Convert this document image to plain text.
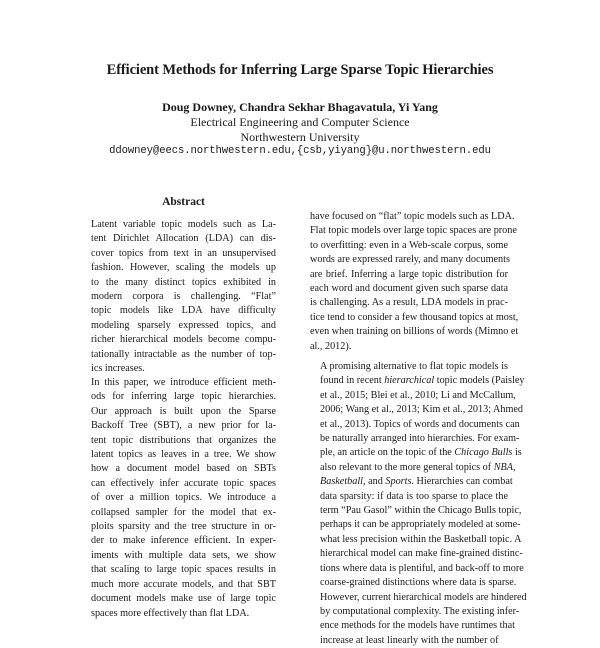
Efficient Methods for Inferring Large Sparse Topic Hierarchies
Doug Downey, Chandra Sekhar Bhagavatula, Yi Yang
Electrical Engineering and Computer Science
Northwestern University
ddowney@eecs.northwestern.edu,{csb,yiyang}@u.northwestern.edu
Abstract
Latent variable topic models such as La-
tent Dirichlet Allocation (LDA) can dis-
cover topics from text in an unsupervised
fashion. However, scaling the models up
to the many distinct topics exhibited in
modern corpora is challenging. “Flat”
topic models like LDA have difficulty
modeling sparsely expressed topics, and
richer hierarchical models become compu-
tationally intractable as the number of top-
ics increases.
In this paper, we introduce efficient meth-
ods for inferring large topic hierarchies.
Our approach is built upon the Sparse
Backoff Tree (SBT), a new prior for la-
tent topic distributions that organizes the
latent topics as leaves in a tree. We show
how a document model based on SBTs
can effectively infer accurate topic spaces
of over a million topics. We introduce a
collapsed sampler for the model that ex-
ploits sparsity and the tree structure in or-
der to make inference efficient. In exper-
iments with multiple data sets, we show
that scaling to large topic spaces results in
much more accurate models, and that SBT
document models make use of large topic
spaces more effectively than flat LDA.
have focused on “flat” topic models such as LDA.
Flat topic models over large topic spaces are prone
to overfitting: even in a Web-scale corpus, some
words are expressed rarely, and many documents
are brief. Inferring a large topic distribution for
each word and document given such sparse data
is challenging. As a result, LDA models in prac-
tice tend to consider a few thousand topics at most,
even when training on billions of words (Mimno et
al., 2012).
A promising alternative to flat topic models is
found in recent hierarchical topic models (Paisley
et al., 2015; Blei et al., 2010; Li and McCallum,
2006; Wang et al., 2013; Kim et al., 2013; Ahmed
et al., 2013). Topics of words and documents can
be naturally arranged into hierarchies. For exam-
ple, an article on the topic of the Chicago Bulls is
also relevant to the more general topics of NBA,
Basketball, and Sports. Hierarchies can combat
data sparsity: if data is too sparse to place the
term “Pau Gasol” within the Chicago Bulls topic,
perhaps it can be appropriately modeled at some-
what less precision within the Basketball topic. A
hierarchical model can make fine-grained distinc-
tions where data is plentiful, and back-off to more
coarse-grained distinctions where data is sparse.
However, current hierarchical models are hindered
by computational complexity. The existing infer-
ence methods for the models have runtimes that
increase at least linearly with the number of
